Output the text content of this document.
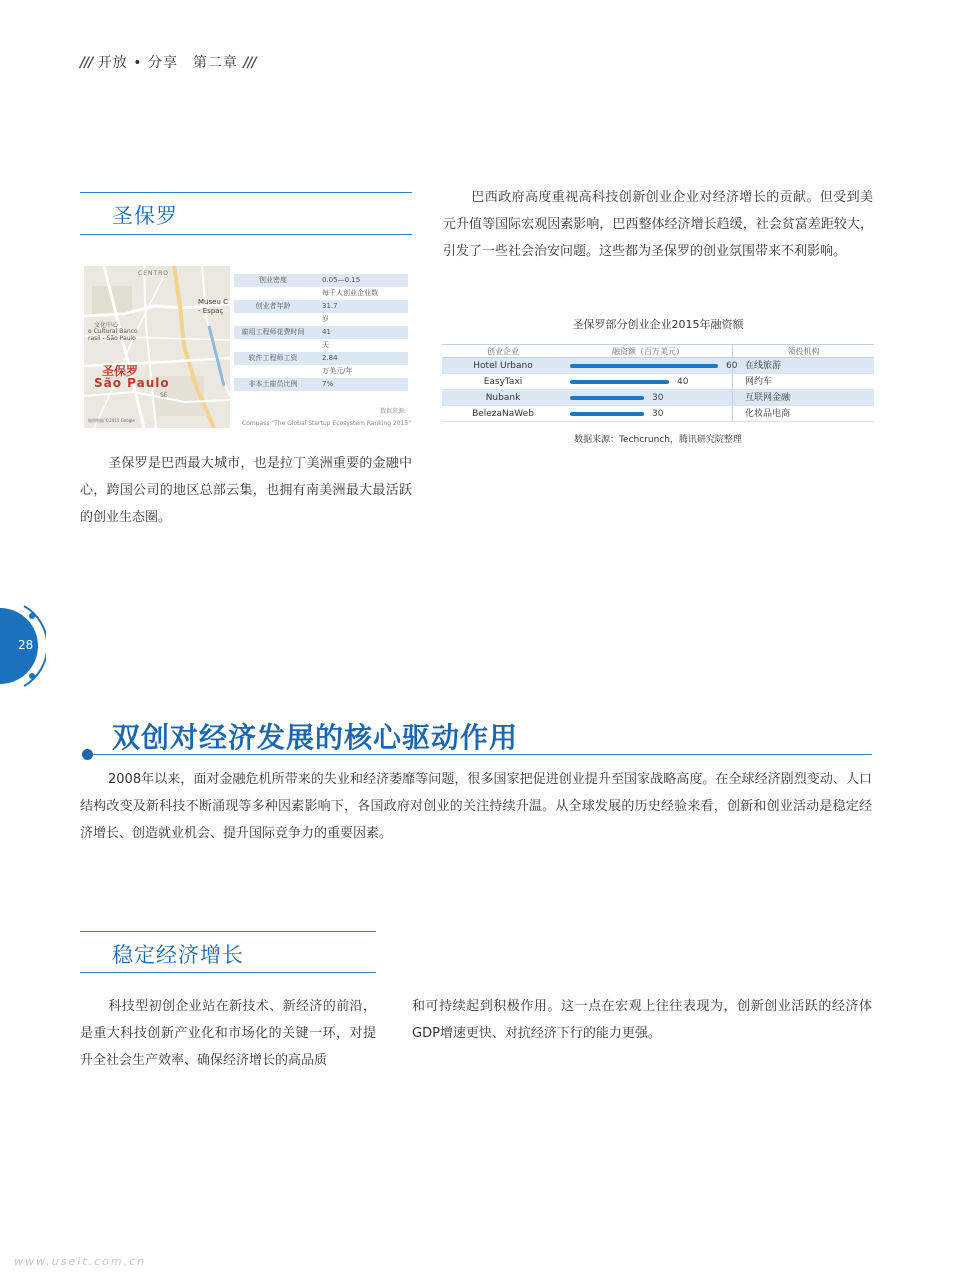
/// 开放 • 分享　第二章 ///
圣保罗
CENTRO
圣保罗
São Paulo
SÉ
Museu C
- Espaç
文化中心
o Cultural Banco
rasil - São Paulo
地图数据 ©2015 Google
创业密度	0.05—0.15
每千人创业企业数
创业者年龄	31.7
岁
雇用工程师花费时间	41
天
软件工程师工资	2.84
万美元/年
非本土雇员比例	7%
数据来源:
Compass "The Global Startup Ecosystem Ranking 2015"
圣保罗是巴西最大城市，也是拉丁美洲重要的金融中心，跨国公司的地区总部云集，也拥有南美洲最大最活跃的创业生态圈。
巴西政府高度重视高科技创新创业企业对经济增长的贡献。但受到美元升值等国际宏观因素影响，巴西整体经济增长趋缓，社会贫富差距较大，引发了一些社会治安问题。这些都为圣保罗的创业氛围带来不利影响。
圣保罗部分创业企业2015年融资额
创业企业	融资额（百万美元）	领投机构
Hotel Urbano	60 在线旅游
EasyTaxi	40	网约车
Nubank	30	互联网金融
BelezaNaWeb	30	化妆品电商
数据来源：Techcrunch，腾讯研究院整理
28
双创对经济发展的核心驱动作用
2008年以来，面对金融危机所带来的失业和经济萎靡等问题，很多国家把促进创业提升至国家战略高度。在全球经济剧烈变动、人口结构改变及新科技不断涌现等多种因素影响下，各国政府对创业的关注持续升温。从全球发展的历史经验来看，创新和创业活动是稳定经济增长、创造就业机会、提升国际竞争力的重要因素。
稳定经济增长
科技型初创企业站在新技术、新经济的前沿，是重大科技创新产业化和市场化的关键一环，对提升全社会生产效率、确保经济增长的高品质
和可持续起到积极作用。这一点在宏观上往往表现为，创新创业活跃的经济体GDP增速更快、对抗经济下行的能力更强。
www.useit.com.cn
